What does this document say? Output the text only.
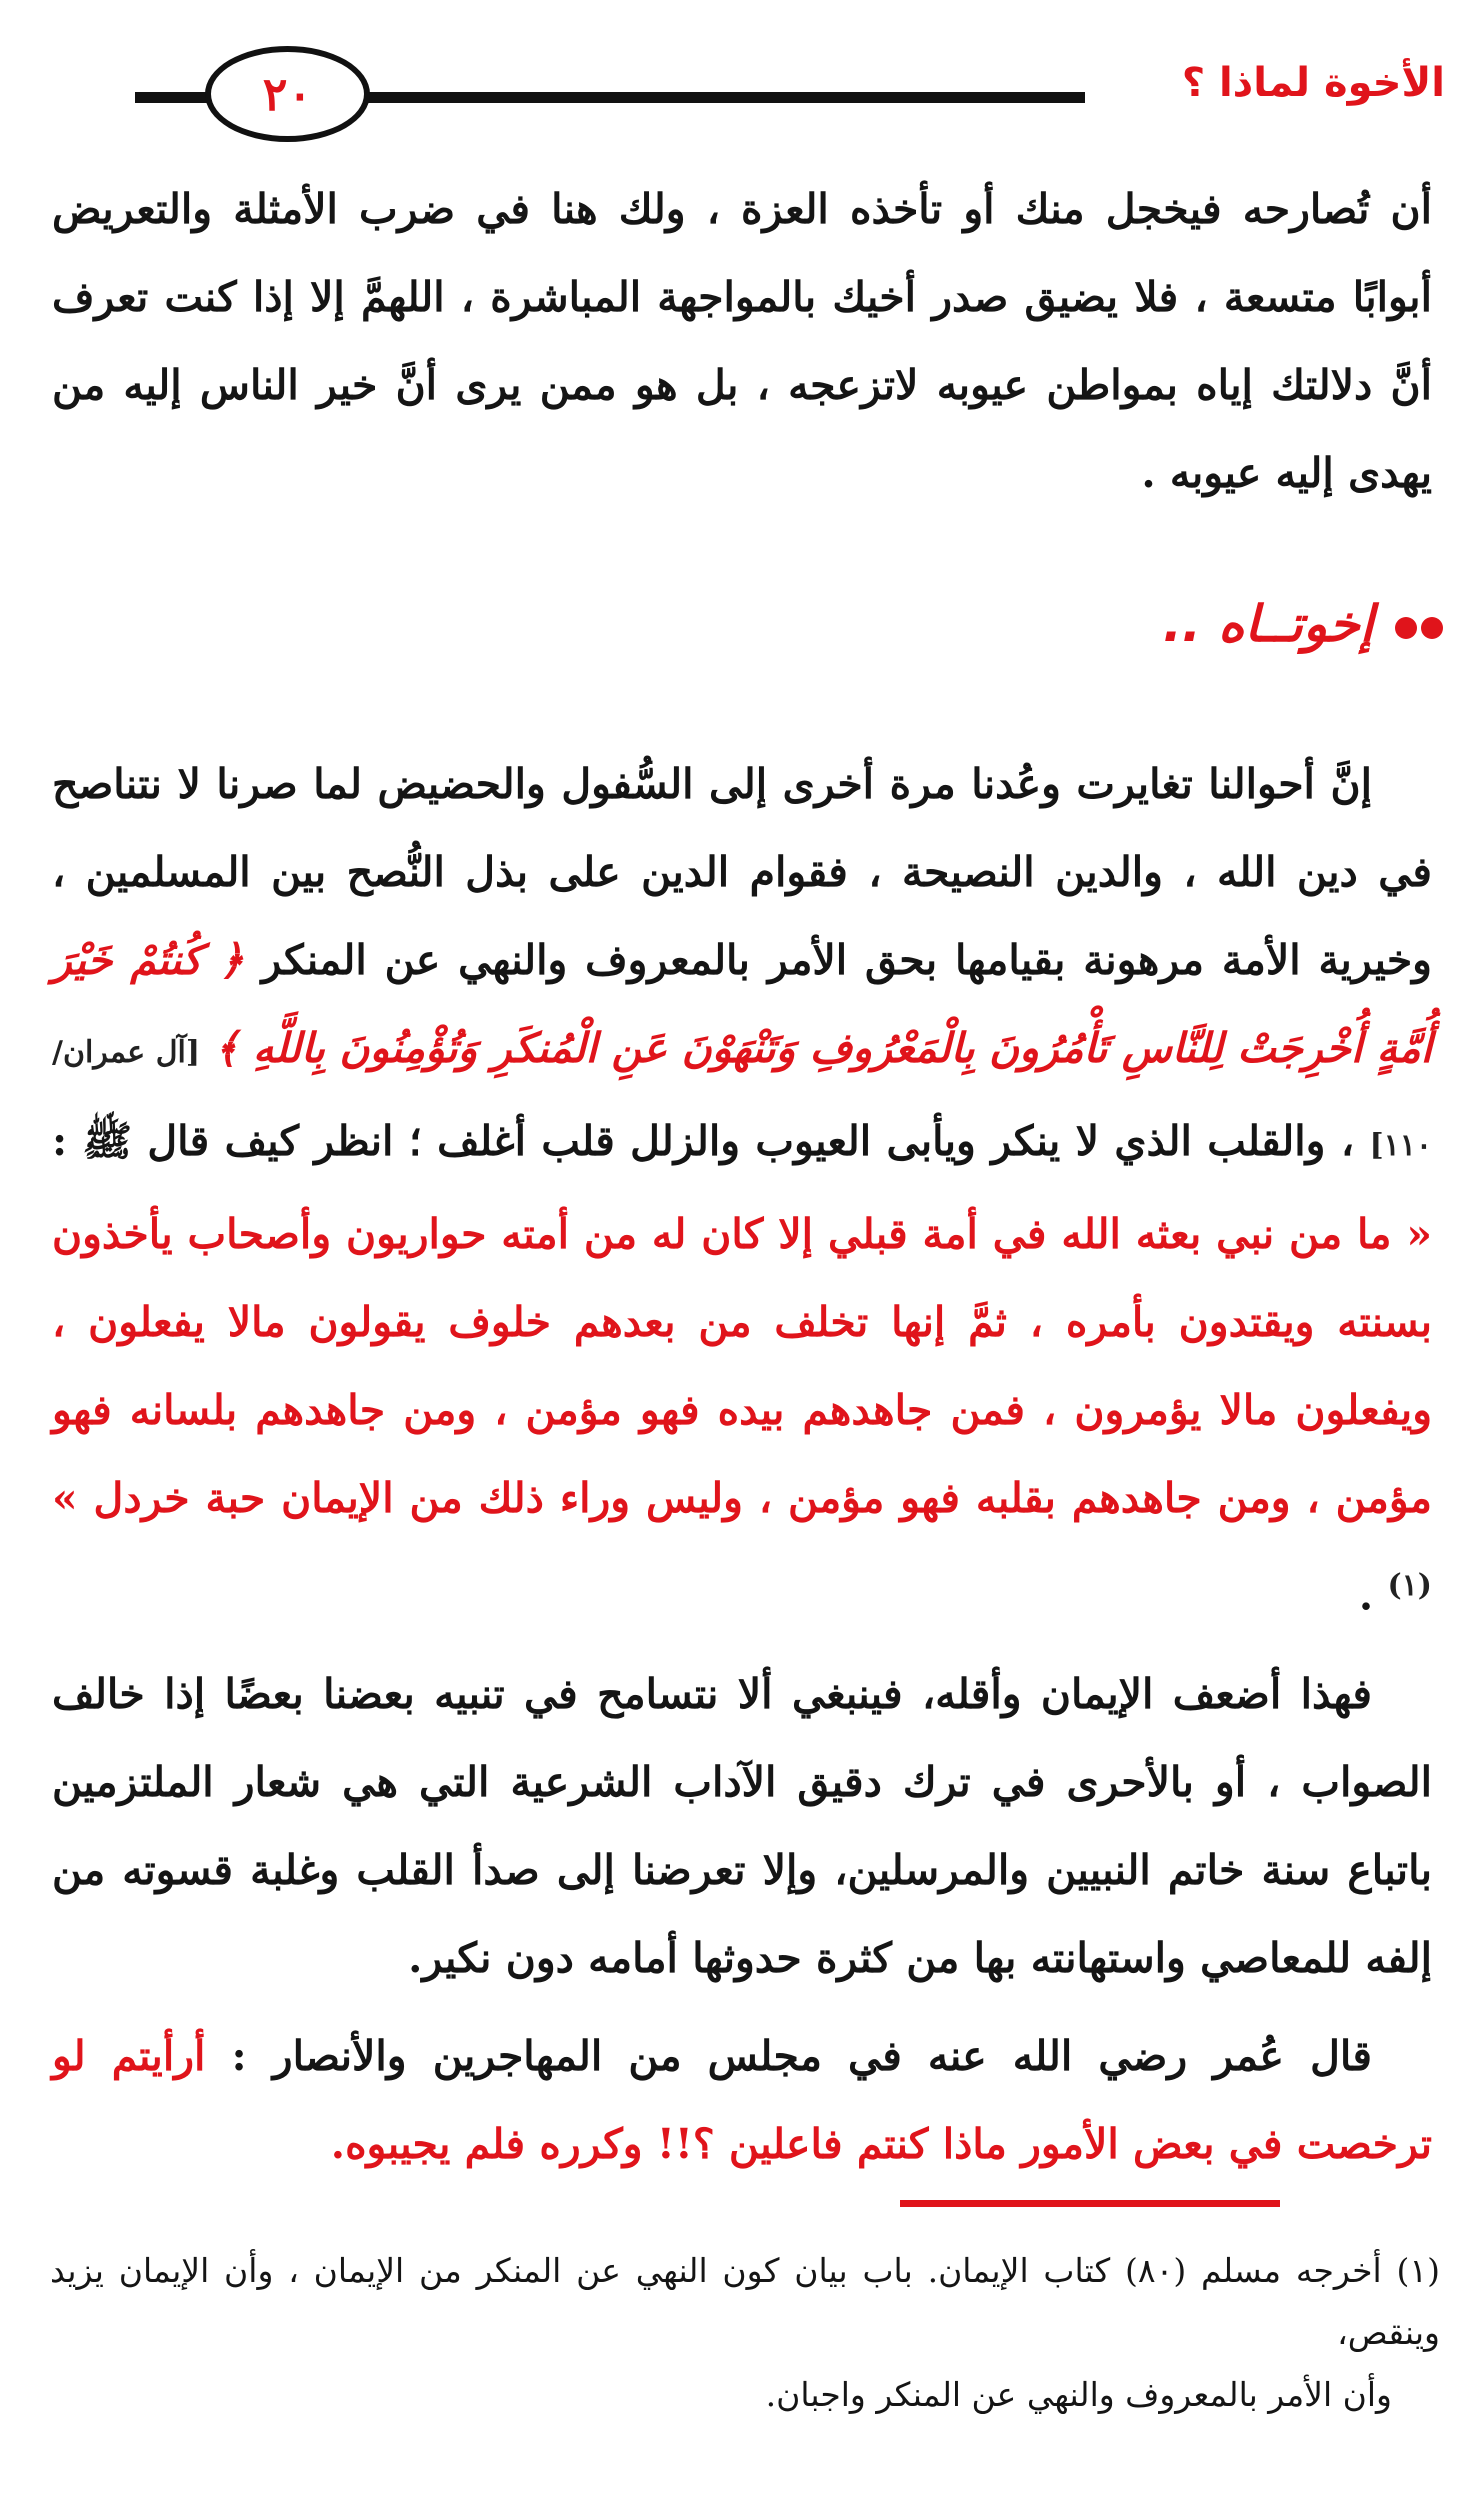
٢٠	الأخوة لماذا ؟

أن تُصارحه فيخجل منك أو تأخذه العزة ، ولك هنا في ضرب الأمثلة والتعريض أبوابًا متسعة ، فلا يضيق صدر أخيك بالمواجهة المباشرة ، اللهمَّ إلا إذا كنت تعرف أنَّ دلالتك إياه بمواطن عيوبه لاتزعجه ، بل هو ممن يرى أنَّ خير الناس إليه من يهدى إليه عيوبه .

إخوتــاه ..

إنَّ أحوالنا تغايرت وعُدنا مرة أخرى إلى السُّفول والحضيض لما صرنا لا نتناصح في دين الله ، والدين النصيحة ، فقوام الدين على بذل النُّصح بين المسلمين ، وخيرية الأمة مرهونة بقيامها بحق الأمر بالمعروف والنهي عن المنكر ﴿ كُنتُمْ خَيْرَ أُمَّةٍ أُخْرِجَتْ لِلنَّاسِ تَأْمُرُونَ بِالْمَعْرُوفِ وَتَنْهَوْنَ عَنِ الْمُنكَرِ وَتُؤْمِنُونَ بِاللَّهِ ﴾ [آل عمران/١١٠] ، والقلب الذي لا ينكر ويأبى العيوب والزلل قلب أغلف ؛ انظر كيف قال ﷺ : « ما من نبي بعثه الله في أمة قبلي إلا كان له من أمته حواريون وأصحاب يأخذون بسنته ويقتدون بأمره ، ثمَّ إنها تخلف من بعدهم خلوف يقولون مالا يفعلون ، ويفعلون مالا يؤمرون ، فمن جاهدهم بيده فهو مؤمن ، ومن جاهدهم بلسانه فهو مؤمن ، ومن جاهدهم بقلبه فهو مؤمن ، وليس وراء ذلك من الإيمان حبة خردل » $^{(١)}$ .

فهذا أضعف الإيمان وأقله، فينبغي ألا نتسامح في تنبيه بعضنا بعضًا إذا خالف الصواب ، أو بالأحرى في ترك دقيق الآداب الشرعية التي هي شعار الملتزمين باتباع سنة خاتم النبيين والمرسلين، وإلا تعرضنا إلى صدأ القلب وغلبة قسوته من إلفه للمعاصي واستهانته بها من كثرة حدوثها أمامه دون نكير.

قال عُمر رضي الله عنه في مجلس من المهاجرين والأنصار : أرأيتم لو ترخصت في بعض الأمور ماذا كنتم فاعلين ؟!! وكرره فلم يجيبوه.

(١) أخرجه مسلم (٨٠) كتاب الإيمان. باب بيان كون النهي عن المنكر من الإيمان ، وأن الإيمان يزيد وينقص،

وأن الأمر بالمعروف والنهي عن المنكر واجبان.
